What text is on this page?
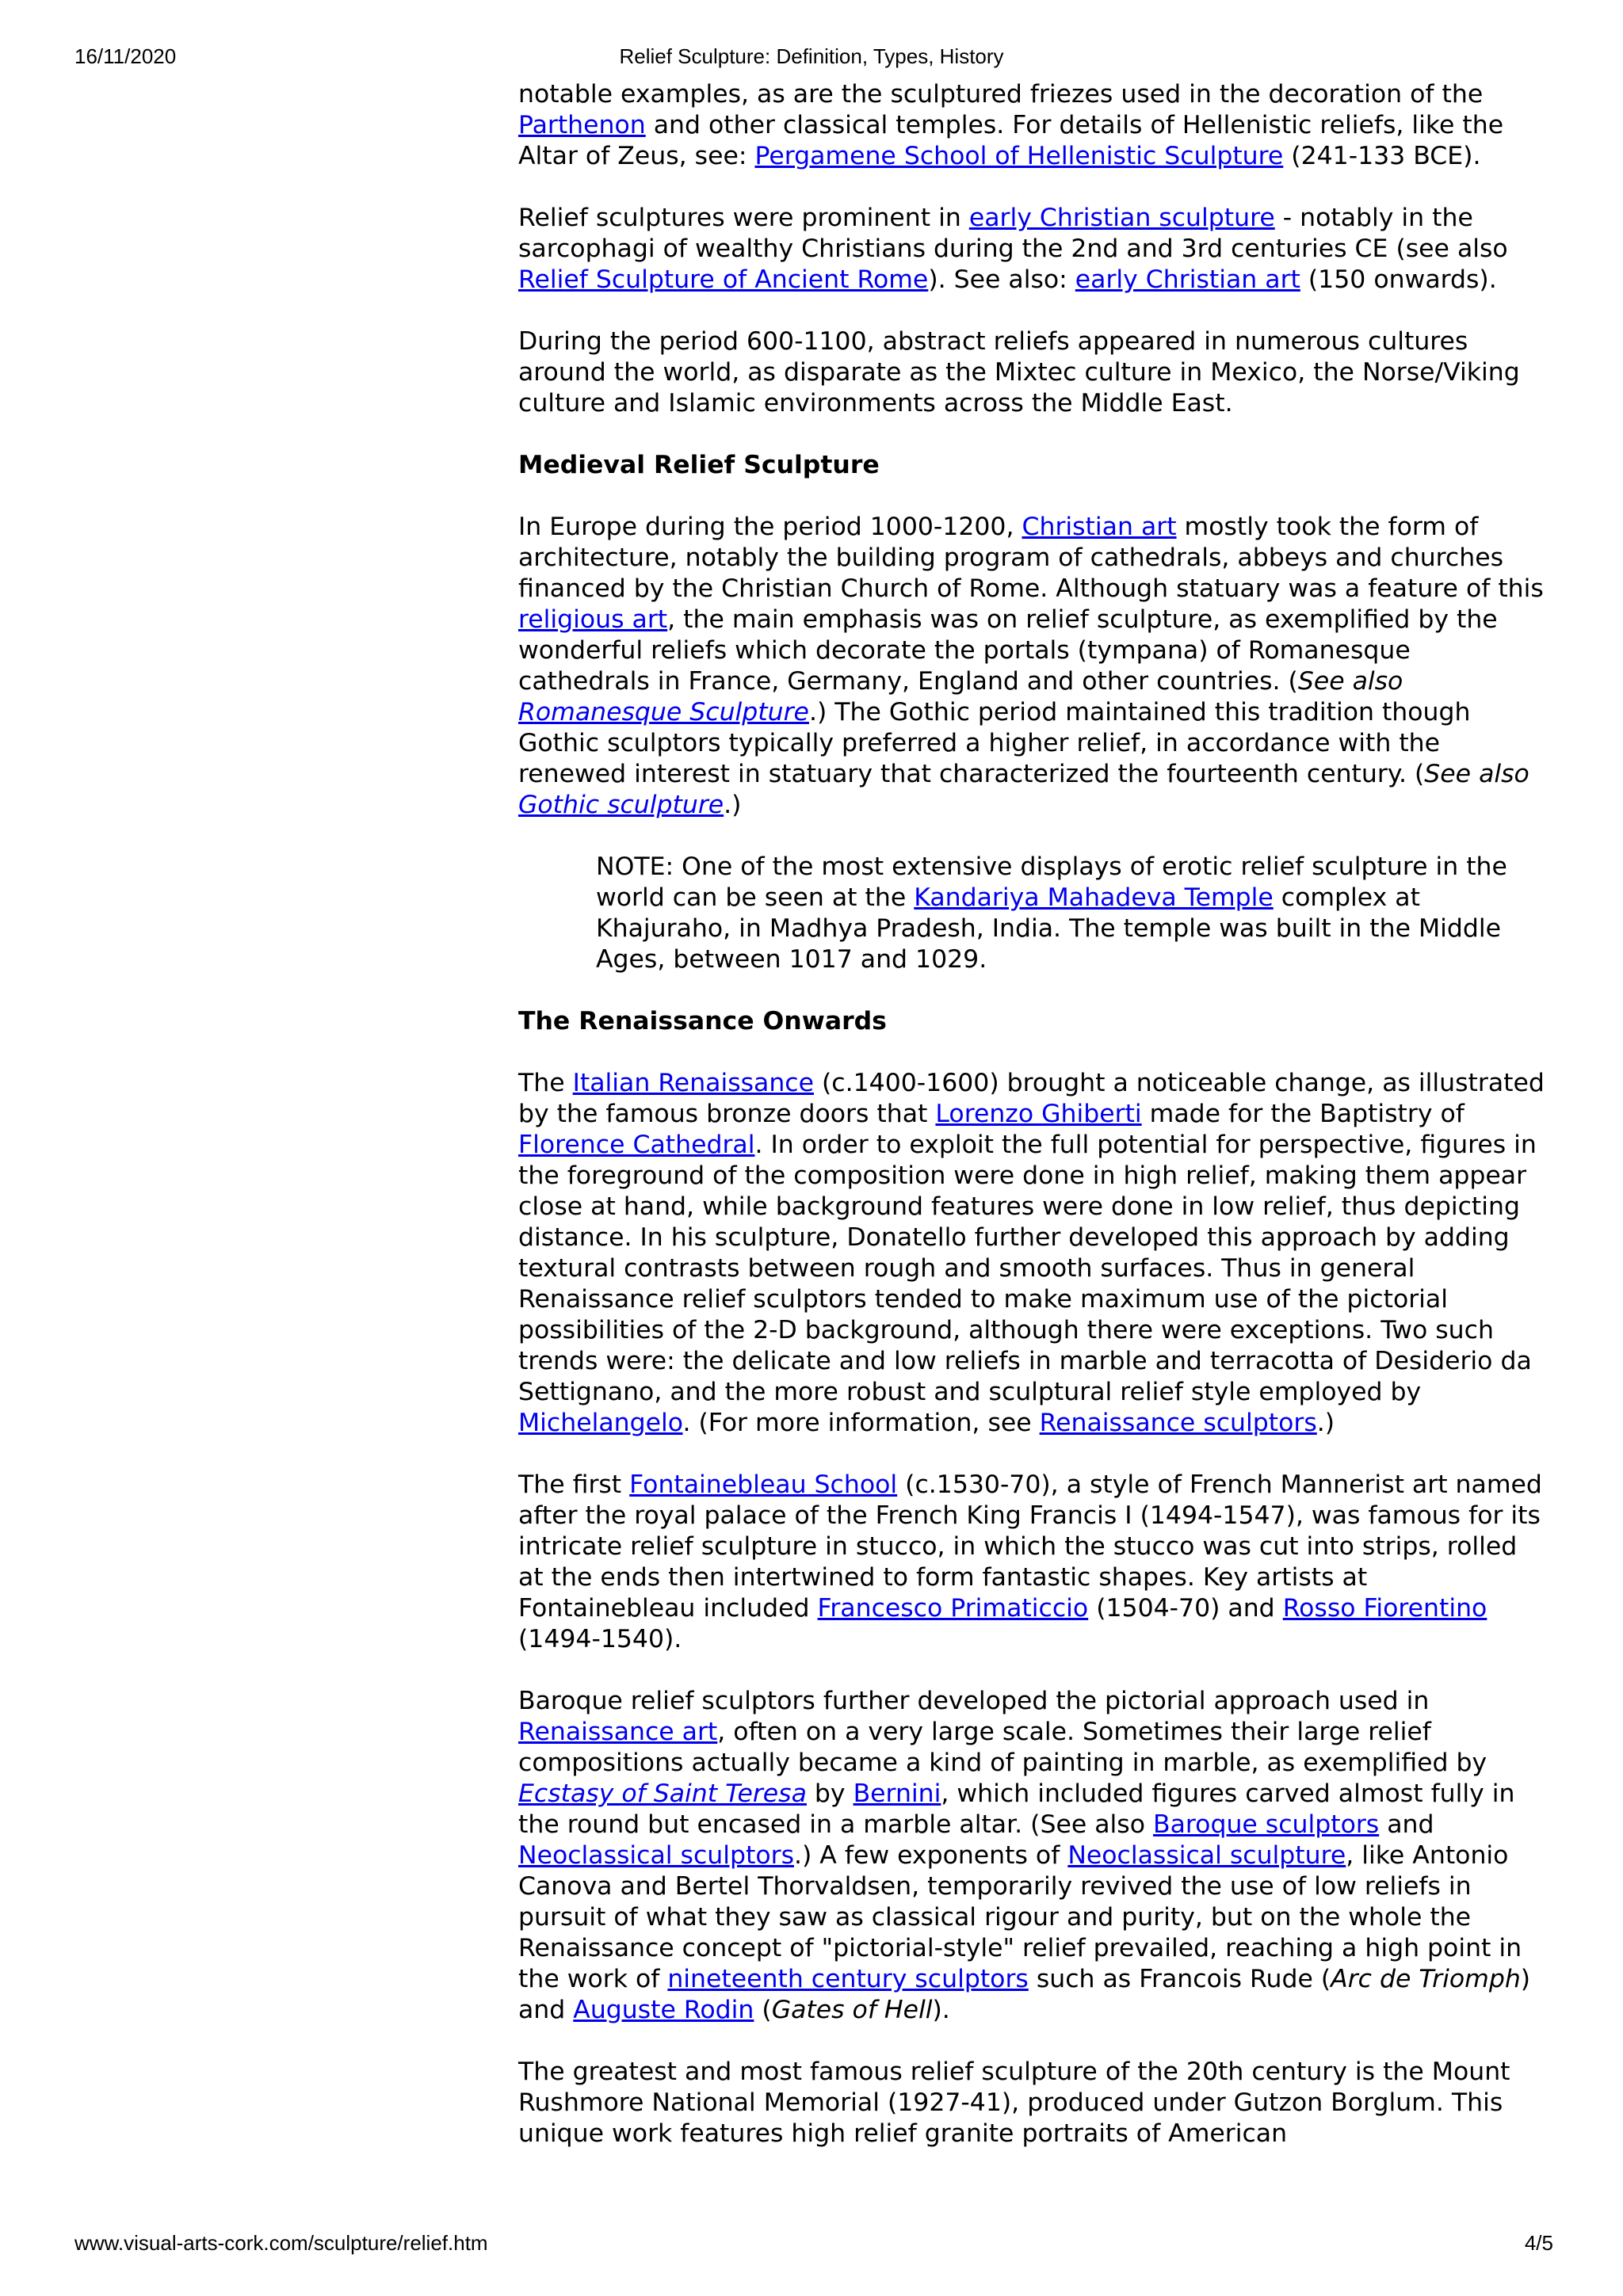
16/11/2020	Relief Sculpture: Definition, Types, History

notable examples, as are the sculptured friezes used in the decoration of the Parthenon and other classical temples. For details of Hellenistic reliefs, like the Altar of Zeus, see: Pergamene School of Hellenistic Sculpture (241-133 BCE).

Relief sculptures were prominent in early Christian sculpture - notably in the sarcophagi of wealthy Christians during the 2nd and 3rd centuries CE (see also Relief Sculpture of Ancient Rome). See also: early Christian art (150 onwards).

During the period 600-1100, abstract reliefs appeared in numerous cultures around the world, as disparate as the Mixtec culture in Mexico, the Norse/Viking culture and Islamic environments across the Middle East.

Medieval Relief Sculpture

In Europe during the period 1000-1200, Christian art mostly took the form of architecture, notably the building program of cathedrals, abbeys and churches financed by the Christian Church of Rome. Although statuary was a feature of this religious art, the main emphasis was on relief sculpture, as exemplified by the wonderful reliefs which decorate the portals (tympana) of Romanesque cathedrals in France, Germany, England and other countries. (See also Romanesque Sculpture.) The Gothic period maintained this tradition though Gothic sculptors typically preferred a higher relief, in accordance with the renewed interest in statuary that characterized the fourteenth century. (See also Gothic sculpture.)

NOTE: One of the most extensive displays of erotic relief sculpture in the world can be seen at the Kandariya Mahadeva Temple complex at Khajuraho, in Madhya Pradesh, India. The temple was built in the Middle Ages, between 1017 and 1029.

The Renaissance Onwards

The Italian Renaissance (c.1400-1600) brought a noticeable change, as illustrated by the famous bronze doors that Lorenzo Ghiberti made for the Baptistry of Florence Cathedral. In order to exploit the full potential for perspective, figures in the foreground of the composition were done in high relief, making them appear close at hand, while background features were done in low relief, thus depicting distance. In his sculpture, Donatello further developed this approach by adding textural contrasts between rough and smooth surfaces. Thus in general Renaissance relief sculptors tended to make maximum use of the pictorial possibilities of the 2-D background, although there were exceptions. Two such trends were: the delicate and low reliefs in marble and terracotta of Desiderio da Settignano, and the more robust and sculptural relief style employed by Michelangelo. (For more information, see Renaissance sculptors.)

The first Fontainebleau School (c.1530-70), a style of French Mannerist art named after the royal palace of the French King Francis I (1494-1547), was famous for its intricate relief sculpture in stucco, in which the stucco was cut into strips, rolled at the ends then intertwined to form fantastic shapes. Key artists at Fontainebleau included Francesco Primaticcio (1504-70) and Rosso Fiorentino (1494-1540).

Baroque relief sculptors further developed the pictorial approach used in Renaissance art, often on a very large scale. Sometimes their large relief compositions actually became a kind of painting in marble, as exemplified by Ecstasy of Saint Teresa by Bernini, which included figures carved almost fully in the round but encased in a marble altar. (See also Baroque sculptors and Neoclassical sculptors.) A few exponents of Neoclassical sculpture, like Antonio Canova and Bertel Thorvaldsen, temporarily revived the use of low reliefs in pursuit of what they saw as classical rigour and purity, but on the whole the Renaissance concept of "pictorial-style" relief prevailed, reaching a high point in the work of nineteenth century sculptors such as Francois Rude (Arc de Triomph) and Auguste Rodin (Gates of Hell).

The greatest and most famous relief sculpture of the 20th century is the Mount Rushmore National Memorial (1927-41), produced under Gutzon Borglum. This unique work features high relief granite portraits of American

www.visual-arts-cork.com/sculpture/relief.htm	4/5
